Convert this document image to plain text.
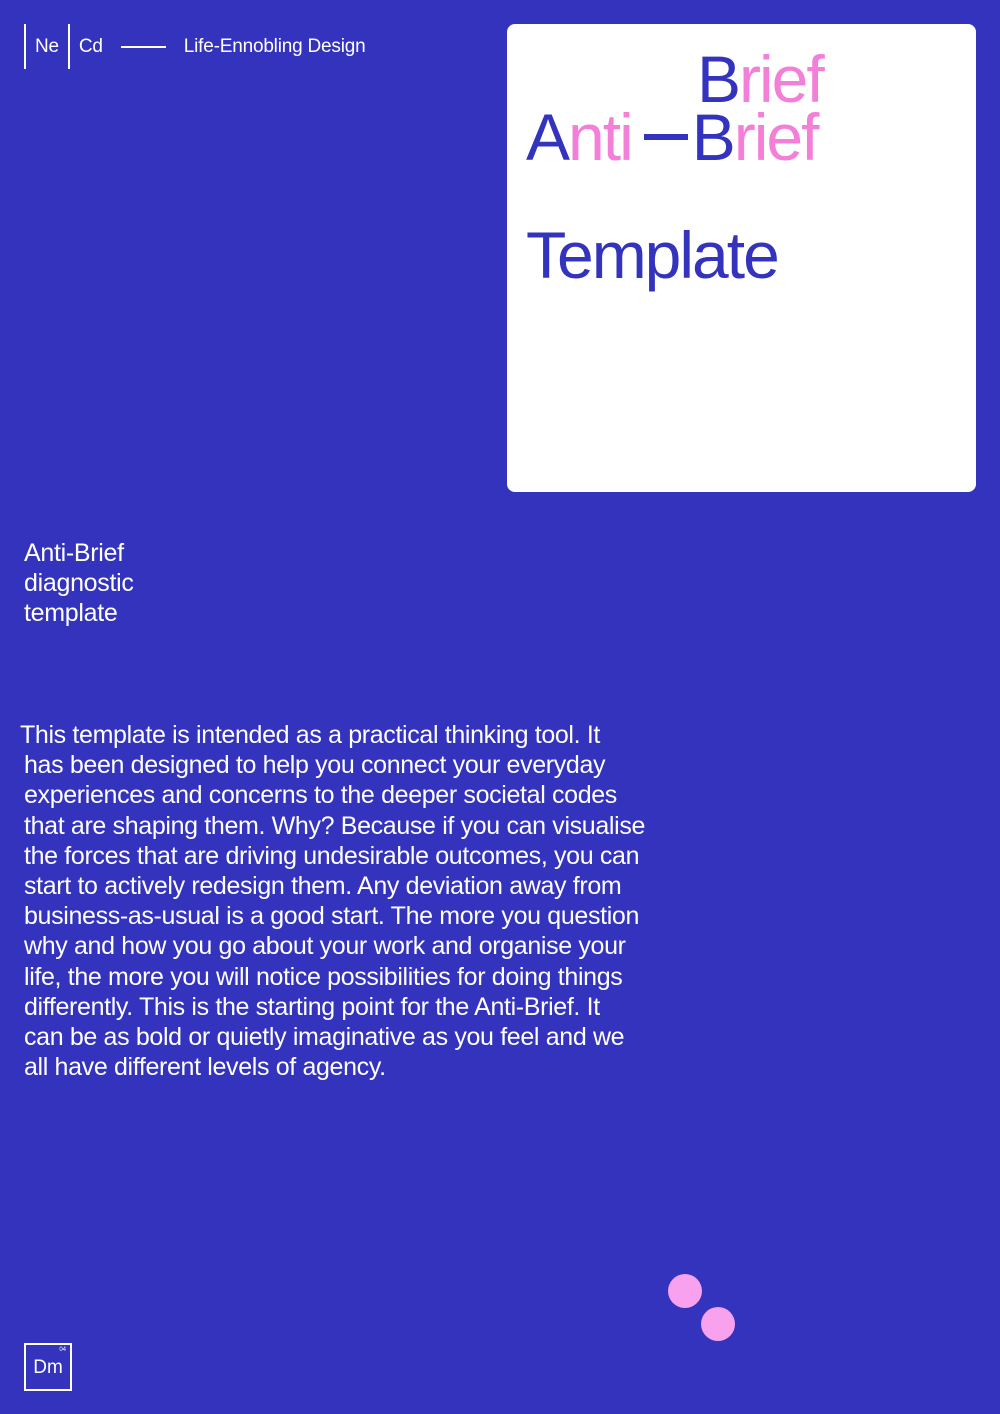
Ne	Cd	Life-Ennobling Design	Brief
Anti Brief
Template
Anti-Brief
diagnostic
template
This template is intended as a practical thinking tool. It
has been designed to help you connect your everyday
experiences and concerns to the deeper societal codes
that are shaping them. Why? Because if you can visualise
the forces that are driving undesirable outcomes, you can
start to actively redesign them. Any deviation away from
business-as-usual is a good start. The more you question
why and how you go about your work and organise your
life, the more you will notice possibilities for doing things
differently. This is the starting point for the Anti-Brief. It
can be as bold or quietly imaginative as you feel and we
all have different levels of agency.
04
Dm
